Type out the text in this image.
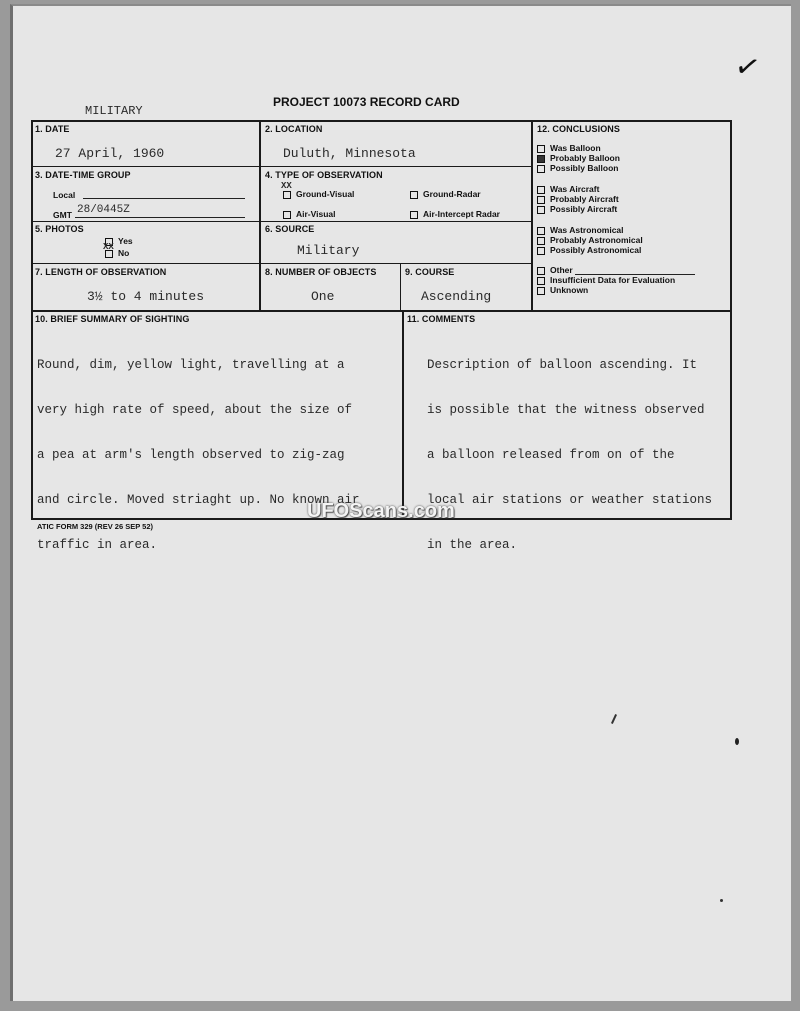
MILITARY
PROJECT 10073 RECORD CARD
✓
1. DATE
27 April, 1960
2. LOCATION
Duluth, Minnesota
3. DATE-TIME GROUP
Local
GMT 28/0445Z
4. TYPE OF OBSERVATION
Ground-Visual
XX
Ground-Radar
Air-Visual	Air-Intercept Radar
5. PHOTOS
Yes
No
XX
6. SOURCE
Military
7. LENGTH OF OBSERVATION
3½ to 4 minutes
8. NUMBER OF OBJECTS
One
9. COURSE
Ascending
10. BRIEF SUMMARY OF SIGHTING

Round, dim, yellow light, travelling at a

very high rate of speed, about the size of

a pea at arm's length observed to zig-zag

and circle. Moved striaght up. No known air

traffic in area.

11. COMMENTS

Description of balloon ascending. It

is possible that the witness observed

a balloon released from on of the

local air stations or weather stations

in the area.

12. CONCLUSIONS
Was Balloon
Probably Balloon
Possibly Balloon
Was Aircraft
Probably Aircraft
Possibly Aircraft
Was Astronomical
Probably Astronomical
Possibly Astronomical
Other
Insufficient Data for Evaluation
Unknown
ATIC FORM 329 (REV 26 SEP 52)
UFOScans.com
